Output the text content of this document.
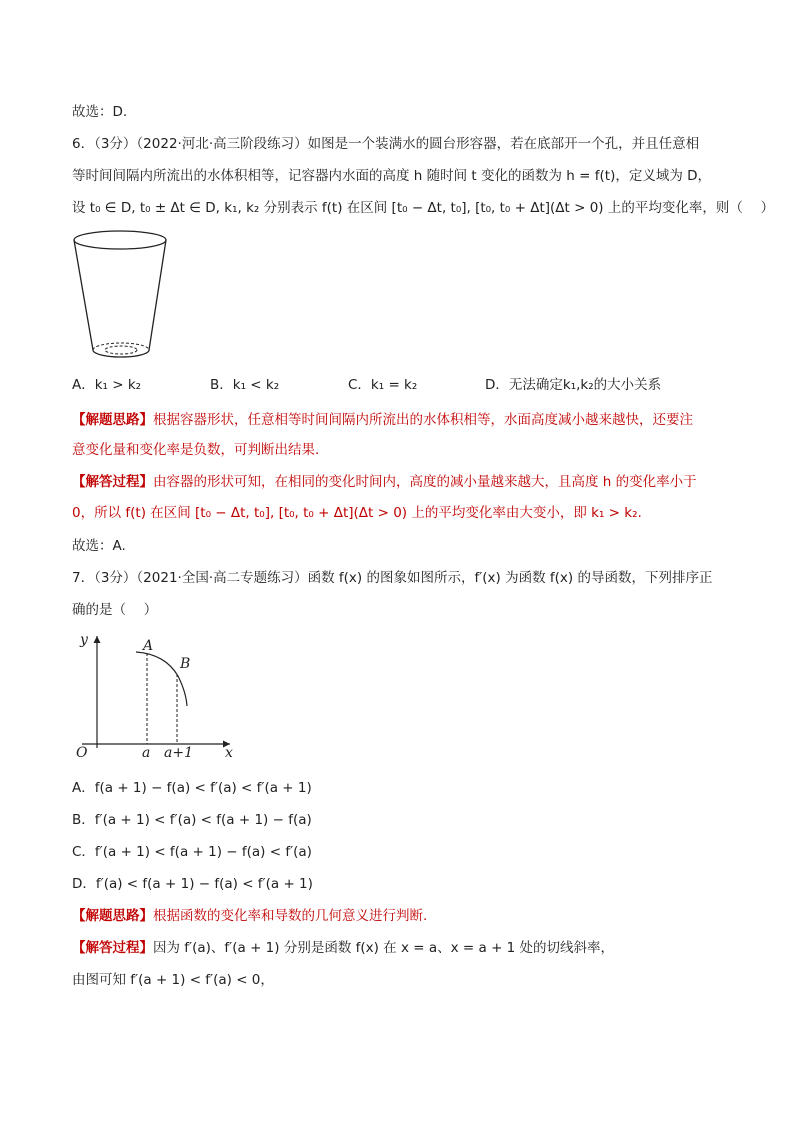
故选：D.
6．（3分）（2022·河北·高三阶段练习）如图是一个装满水的圆台形容器，若在底部开一个孔，并且任意相
等时间间隔内所流出的水体积相等，记容器内水面的高度 h 随时间 t 变化的函数为 h = f(t)，定义域为 D，
设 t₀ ∈ D, t₀ ± Δt ∈ D, k₁, k₂ 分别表示 f(t) 在区间 [t₀ − Δt, t₀], [t₀, t₀ + Δt](Δt > 0) 上的平均变化率，则（　 ）
A．k₁ > k₂	B．k₁ < k₂	C．k₁ = k₂	D．无法确定k₁,k₂的大小关系
【解题思路】根据容器形状，任意相等时间间隔内所流出的水体积相等，水面高度减小越来越快，还要注
意变化量和变化率是负数，可判断出结果.
【解答过程】由容器的形状可知，在相同的变化时间内，高度的减小量越来越大，且高度 h 的变化率小于
0，所以 f(t) 在区间 [t₀ − Δt, t₀], [t₀, t₀ + Δt](Δt > 0) 上的平均变化率由大变小，即 k₁ > k₂.
故选：A.
7．（3分）（2021·全国·高二专题练习）函数 f(x) 的图象如图所示，f′(x) 为函数 f(x) 的导函数，下列排序正
确的是（　 ）
y
O	x
a a+1
A
B
A．f(a + 1) − f(a) < f′(a) < f′(a + 1)
B．f′(a + 1) < f′(a) < f(a + 1) − f(a)
C．f′(a + 1) < f(a + 1) − f(a) < f′(a)
D．f′(a) < f(a + 1) − f(a) < f′(a + 1)
【解题思路】根据函数的变化率和导数的几何意义进行判断.
【解答过程】因为 f′(a)、f′(a + 1) 分别是函数 f(x) 在 x = a、x = a + 1 处的切线斜率，
由图可知 f′(a + 1) < f′(a) < 0，
